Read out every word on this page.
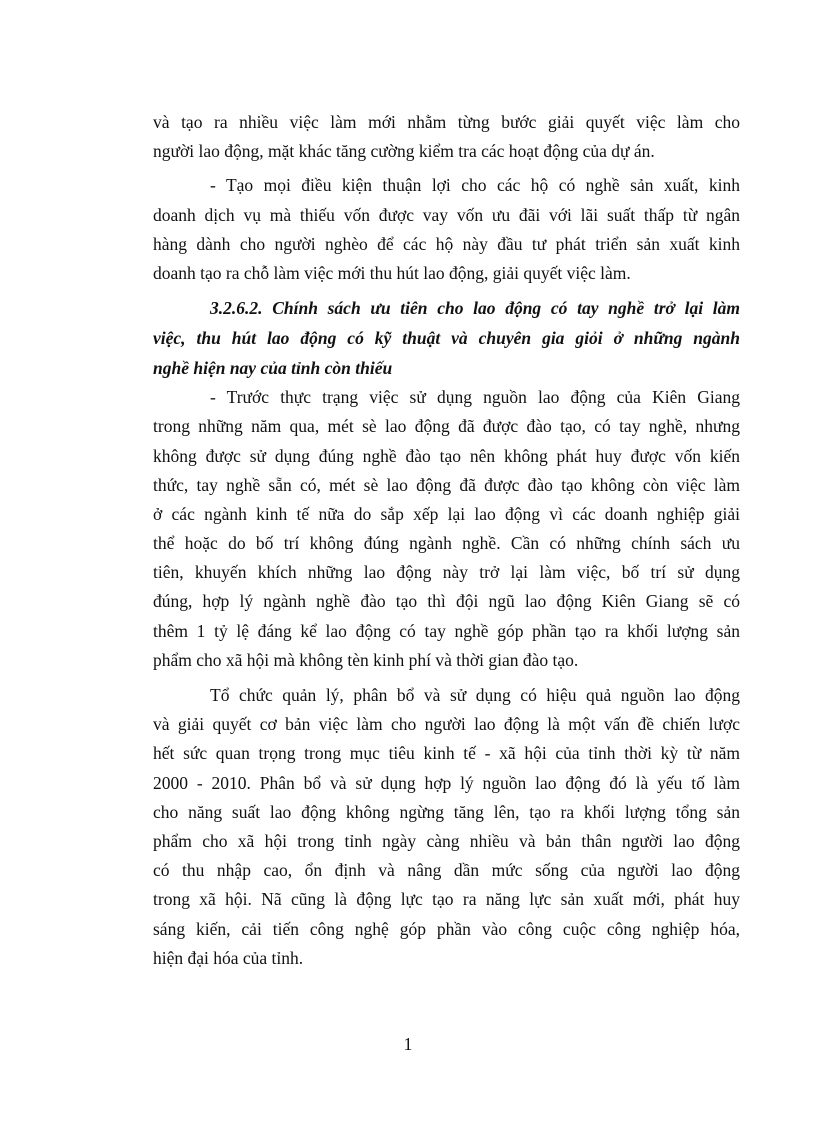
và tạo ra nhiều việc làm mới nhằm từng bước giải quyết việc làm cho
người lao động, mặt khác tăng cường kiểm tra các hoạt động của dự án.
- Tạo mọi điều kiện thuận lợi cho các hộ có nghề sản xuất, kinh
doanh dịch vụ mà thiếu vốn được vay vốn ưu đãi với lãi suất thấp từ ngân
hàng dành cho người nghèo để các hộ này đầu tư phát triển sản xuất kinh
doanh tạo ra chỗ làm việc mới thu hút lao động, giải quyết việc làm.
3.2.6.2. Chính sách ưu tiên cho lao động có tay nghề trở lại làm
việc, thu hút lao động có kỹ thuật và chuyên gia giỏi ở những ngành
nghề hiện nay của tỉnh còn thiếu
- Trước thực trạng việc sử dụng nguồn lao động của Kiên Giang
trong những năm qua, mét sè lao động đã được đào tạo, có tay nghề, nhưng
không được sử dụng đúng nghề đào tạo nên không phát huy được vốn kiến
thức, tay nghề sẵn có, mét sè lao động đã được đào tạo không còn việc làm
ở các ngành kinh tế nữa do sắp xếp lại lao động vì các doanh nghiệp giải
thể hoặc do bố trí không đúng ngành nghề. Cần có những chính sách ưu
tiên, khuyến khích những lao động này trở lại làm việc, bố trí sử dụng
đúng, hợp lý ngành nghề đào tạo thì đội ngũ lao động Kiên Giang sẽ có
thêm 1 tỷ lệ đáng kể lao động có tay nghề góp phần tạo ra khối lượng sản
phẩm cho xã hội mà không tèn kinh phí và thời gian đào tạo.
Tổ chức quản lý, phân bổ và sử dụng có hiệu quả nguồn lao động
và giải quyết cơ bản việc làm cho người lao động là một vấn đề chiến lược
hết sức quan trọng trong mục tiêu kinh tế - xã hội của tỉnh thời kỳ từ năm
2000 - 2010. Phân bổ và sử dụng hợp lý nguồn lao động đó là yếu tố làm
cho năng suất lao động không ngừng tăng lên, tạo ra khối lượng tổng sản
phẩm cho xã hội trong tỉnh ngày càng nhiều và bản thân người lao động
có thu nhập cao, ổn định và nâng dần mức sống của người lao động
trong xã hội. Nã cũng là động lực tạo ra năng lực sản xuất mới, phát huy
sáng kiến, cải tiến công nghệ góp phần vào công cuộc công nghiệp hóa,
hiện đại hóa của tỉnh.
1
